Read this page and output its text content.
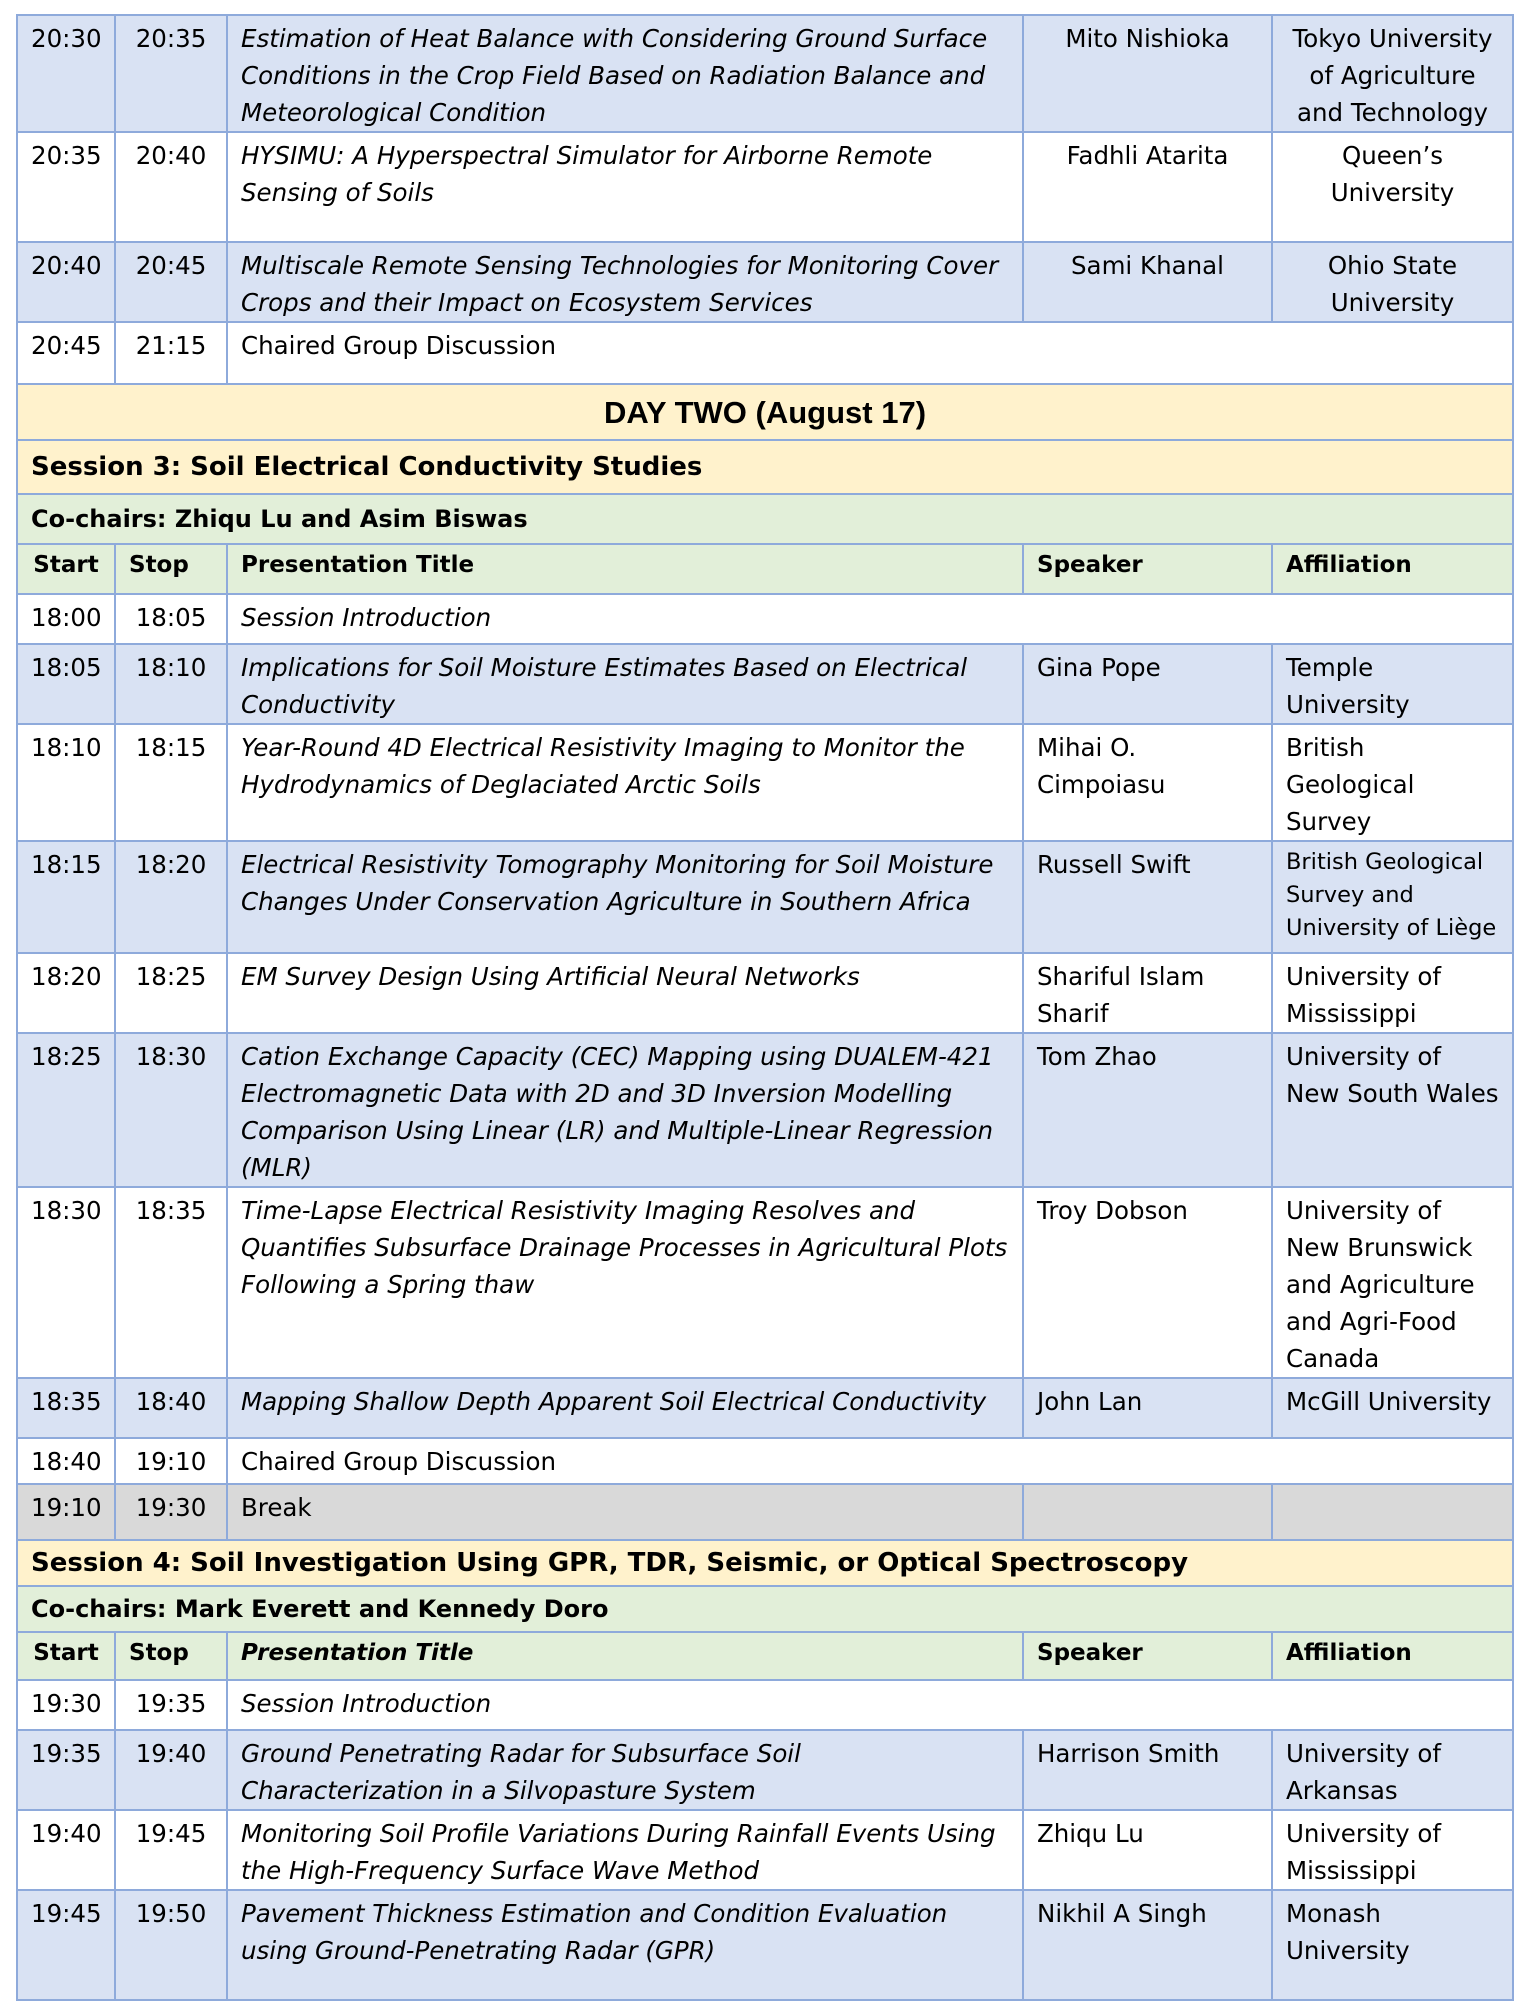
20:30	20:35	Estimation of Heat Balance with Considering Ground Surface Conditions in the Crop Field Based on Radiation Balance and Meteorological Condition	Mito Nishioka	Tokyo University of Agriculture and Technology
20:35	20:40	HYSIMU: A Hyperspectral Simulator for Airborne Remote Sensing of Soils	Fadhli Atarita	Queen’s University
20:40	20:45	Multiscale Remote Sensing Technologies for Monitoring Cover Crops and their Impact on Ecosystem Services	Sami Khanal	Ohio State University
20:45	21:15	Chaired Group Discussion		
DAY TWO (August 17)				
Session 3: Soil Electrical Conductivity Studies				
Co-chairs: Zhiqu Lu and Asim Biswas				
Start	Stop	Presentation Title	Speaker	Affiliation
18:00	18:05	Session Introduction		
18:05	18:10	Implications for Soil Moisture Estimates Based on Electrical Conductivity	Gina Pope	Temple University
18:10	18:15	Year-Round 4D Electrical Resistivity Imaging to Monitor the Hydrodynamics of Deglaciated Arctic Soils	Mihai O. Cimpoiasu	British Geological Survey
18:15	18:20	Electrical Resistivity Tomography Monitoring for Soil Moisture Changes Under Conservation Agriculture in Southern Africa	Russell Swift	British Geological Survey and University of Liège
18:20	18:25	EM Survey Design Using Artificial Neural Networks	Shariful Islam Sharif	University of Mississippi
18:25	18:30	Cation Exchange Capacity (CEC) Mapping using DUALEM-421 Electromagnetic Data with 2D and 3D Inversion Modelling Comparison Using Linear (LR) and Multiple-Linear Regression (MLR)	Tom Zhao	University of New South Wales
18:30	18:35	Time-Lapse Electrical Resistivity Imaging Resolves and Quantifies Subsurface Drainage Processes in Agricultural Plots Following a Spring thaw	Troy Dobson	University of New Brunswick and Agriculture and Agri-Food Canada
18:35	18:40	Mapping Shallow Depth Apparent Soil Electrical Conductivity	John Lan	McGill University
18:40	19:10	Chaired Group Discussion		
19:10	19:30	Break		
Session 4: Soil Investigation Using GPR, TDR, Seismic, or Optical Spectroscopy				
Co-chairs: Mark Everett and Kennedy Doro				
Start	Stop	Presentation Title	Speaker	Affiliation
19:30	19:35	Session Introduction		
19:35	19:40	Ground Penetrating Radar for Subsurface Soil Characterization in a Silvopasture System	Harrison Smith	University of Arkansas
19:40	19:45	Monitoring Soil Profile Variations During Rainfall Events Using the High-Frequency Surface Wave Method	Zhiqu Lu	University of Mississippi
19:45	19:50	Pavement Thickness Estimation and Condition Evaluation using Ground-Penetrating Radar (GPR)	Nikhil A Singh	Monash University
